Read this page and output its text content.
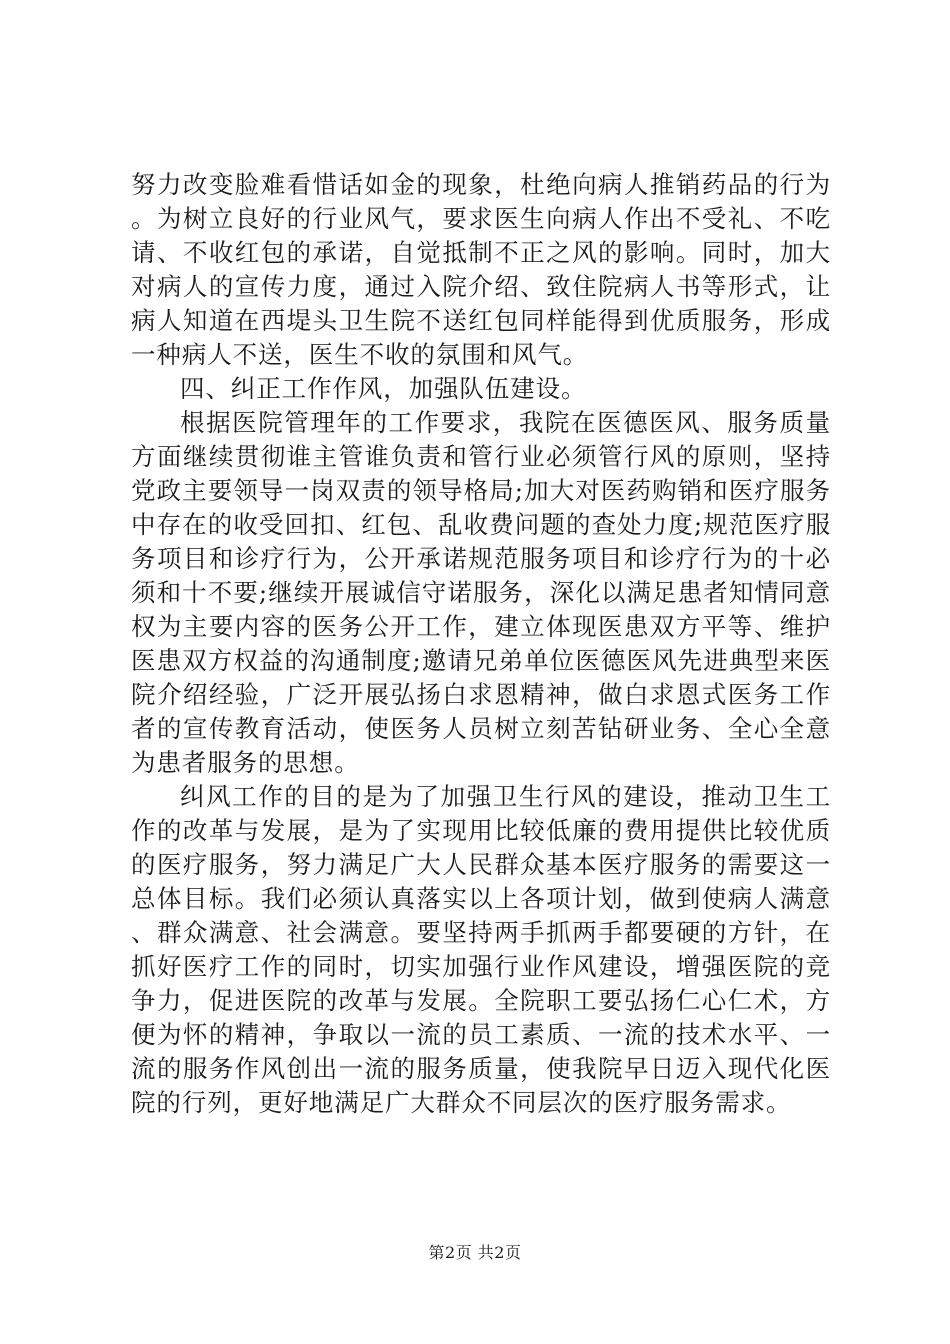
努力改变脸难看惜话如金的现象，杜绝向病人推销药品的行为。为树立良好的行业风气，要求医生向病人作出不受礼、不吃请、不收红包的承诺，自觉抵制不正之风的影响。同时，加大对病人的宣传力度，通过入院介绍、致住院病人书等形式，让病人知道在西堤头卫生院不送红包同样能得到优质服务，形成一种病人不送，医生不收的氛围和风气。

四、纠正工作作风，加强队伍建设。

根据医院管理年的工作要求，我院在医德医风、服务质量方面继续贯彻谁主管谁负责和管行业必须管行风的原则，坚持党政主要领导一岗双责的领导格局;加大对医药购销和医疗服务中存在的收受回扣、红包、乱收费问题的查处力度;规范医疗服务项目和诊疗行为，公开承诺规范服务项目和诊疗行为的十必须和十不要;继续开展诚信守诺服务，深化以满足患者知情同意权为主要内容的医务公开工作，建立体现医患双方平等、维护医患双方权益的沟通制度;邀请兄弟单位医德医风先进典型来医院介绍经验，广泛开展弘扬白求恩精神，做白求恩式医务工作者的宣传教育活动，使医务人员树立刻苦钻研业务、全心全意为患者服务的思想。

纠风工作的目的是为了加强卫生行风的建设，推动卫生工作的改革与发展，是为了实现用比较低廉的费用提供比较优质的医疗服务，努力满足广大人民群众基本医疗服务的需要这一总体目标。我们必须认真落实以上各项计划，做到使病人满意、群众满意、社会满意。要坚持两手抓两手都要硬的方针，在抓好医疗工作的同时，切实加强行业作风建设，增强医院的竞争力，促进医院的改革与发展。全院职工要弘扬仁心仁术，方便为怀的精神，争取以一流的员工素质、一流的技术水平、一流的服务作风创出一流的服务质量，使我院早日迈入现代化医院的行列，更好地满足广大群众不同层次的医疗服务需求。

第2页 共2页
